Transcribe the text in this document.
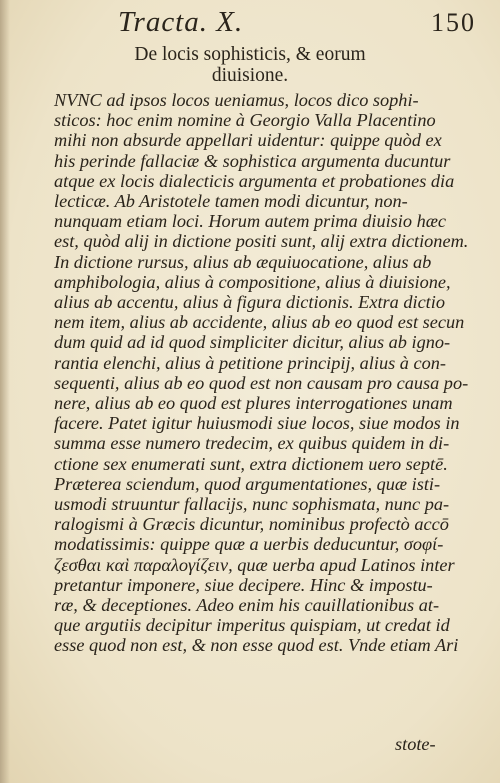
Tracta. X.	150
De locis sophisticis, & eorum
diuisione.
NVNC ad ipsos locos ueniamus, locos dico sophi-
sticos: hoc enim nomine à Georgio Valla Placentino
mihi non absurde appellari uidentur: quippe quòd ex
his perinde fallaciæ & sophistica argumenta ducuntur
atque ex locis dialecticis argumenta et probationes dia
lecticæ. Ab Aristotele tamen modi dicuntur, non-
nunquam etiam loci. Horum autem prima diuisio hæc
est, quòd alij in dictione positi sunt, alij extra dictionem.
In dictione rursus, alius ab æquiuocatione, alius ab
amphibologia, alius à compositione, alius à diuisione,
alius ab accentu, alius à figura dictionis. Extra dictio
nem item, alius ab accidente, alius ab eo quod est secun
dum quid ad id quod simpliciter dicitur, alius ab igno-
rantia elenchi, alius à petitione principij, alius à con-
sequenti, alius ab eo quod est non causam pro causa po-
nere, alius ab eo quod est plures interrogationes unam
facere. Patet igitur huiusmodi siue locos, siue modos in
summa esse numero tredecim, ex quibus quidem in di-
ctione sex enumerati sunt, extra dictionem uero septē.
Præterea sciendum, quod argumentationes, quæ isti-
usmodi struuntur fallacijs, nunc sophismata, nunc pa-
ralogismi à Græcis dicuntur, nominibus profectò accō
modatissimis: quippe quæ a uerbis deducuntur, σοφί-
ζεσθαι καὶ παραλογίζειν, quæ uerba apud Latinos inter
pretantur imponere, siue decipere. Hinc & impostu-
ræ, & deceptiones. Adeo enim his cauillationibus at-
que argutiis decipitur imperitus quispiam, ut credat id
esse quod non est, & non esse quod est. Vnde etiam Ari
stote-
